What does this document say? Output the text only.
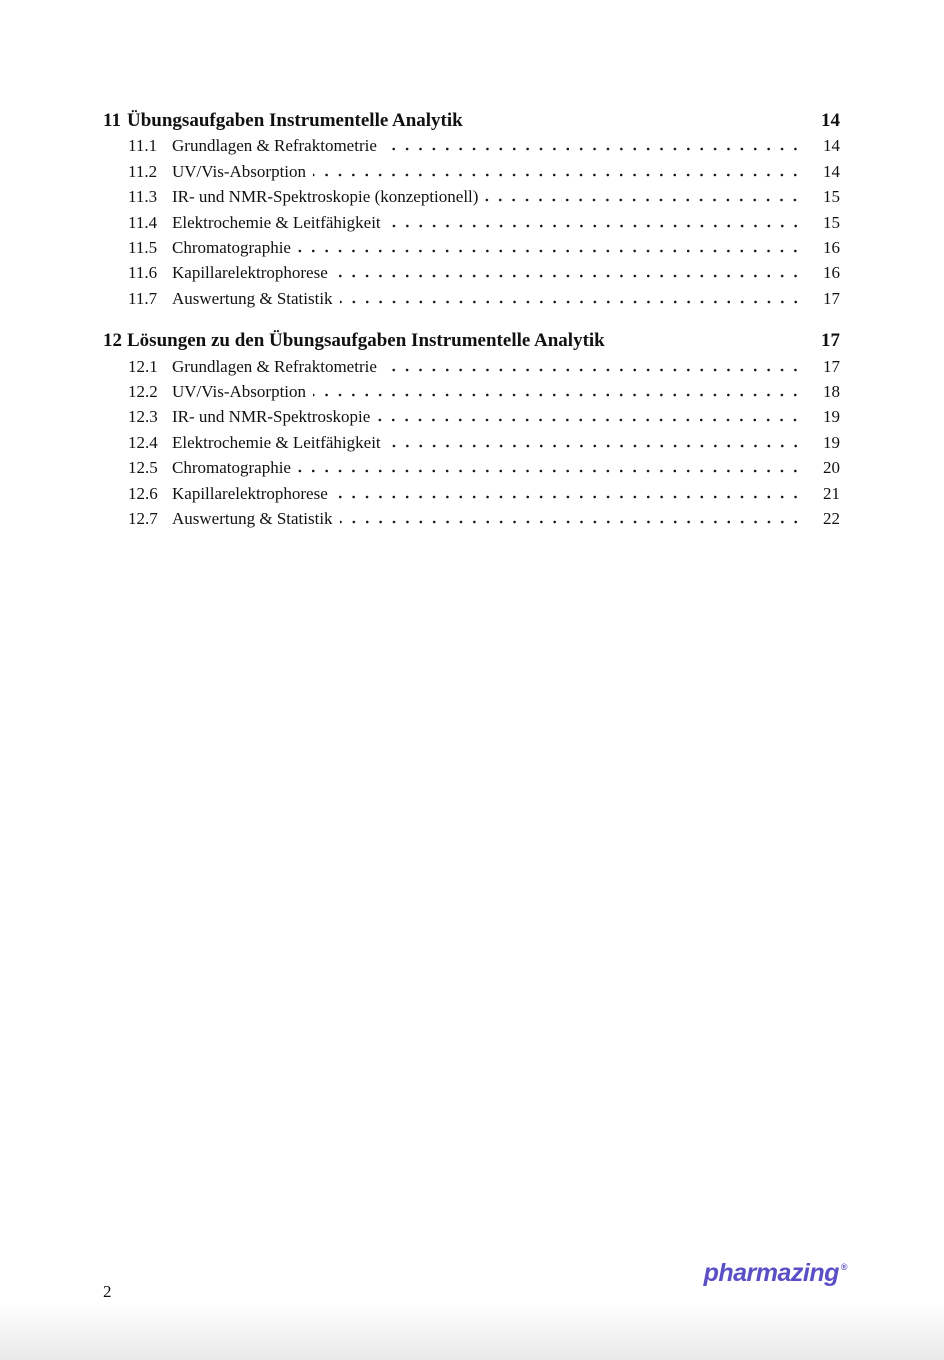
11 Übungsaufgaben Instrumentelle Analytik	14
11.1 Grundlagen & Refraktometrie	14
11.2 UV/Vis-Absorption	14
11.3 IR- und NMR-Spektroskopie (konzeptionell)	15
11.4 Elektrochemie & Leitfähigkeit	15
11.5 Chromatographie	16
11.6 Kapillarelektrophorese	16
11.7 Auswertung & Statistik	17
12 Lösungen zu den Übungsaufgaben Instrumentelle Analytik	17
12.1 Grundlagen & Refraktometrie	17
12.2 UV/Vis-Absorption	18
12.3 IR- und NMR-Spektroskopie	19
12.4 Elektrochemie & Leitfähigkeit	19
12.5 Chromatographie	20
12.6 Kapillarelektrophorese	21
12.7 Auswertung & Statistik	22
2
pharmazing ®
